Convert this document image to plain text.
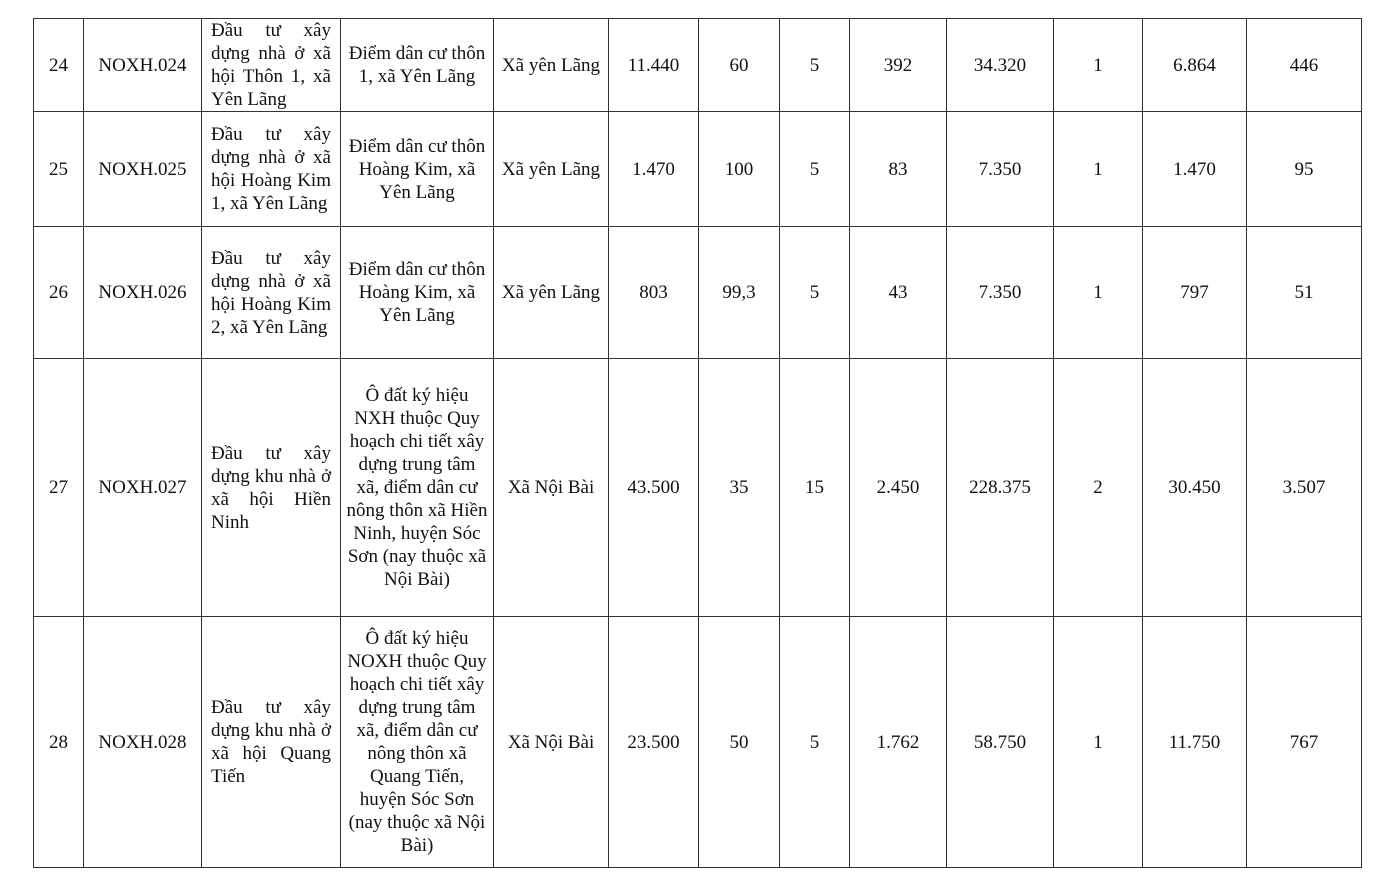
24	NOXH.024	Đầu tư xây dựng nhà ở xã hội Thôn 1, xã Yên Lãng	Điểm dân cư thôn 1, xã Yên Lãng	Xã yên Lãng	11.440	60	5	392	34.320	1	6.864	446
25	NOXH.025	Đầu tư xây dựng nhà ở xã hội Hoàng Kim 1, xã Yên Lãng	Điểm dân cư thôn Hoàng Kim, xã Yên Lãng	Xã yên Lãng	1.470	100	5	83	7.350	1	1.470	95
26	NOXH.026	Đầu tư xây dựng nhà ở xã hội Hoàng Kim 2, xã Yên Lãng	Điểm dân cư thôn Hoàng Kim, xã Yên Lãng	Xã yên Lãng	803	99,3	5	43	7.350	1	797	51
27	NOXH.027	Đầu tư xây dựng khu nhà ở xã hội Hiền Ninh	Ô đất ký hiệu NXH thuộc Quy hoạch chi tiết xây dựng trung tâm xã, điểm dân cư nông thôn xã Hiền Ninh, huyện Sóc Sơn (nay thuộc xã Nội Bài)	Xã Nội Bài	43.500	35	15	2.450	228.375	2	30.450	3.507
28	NOXH.028	Đầu tư xây dựng khu nhà ở xã hội Quang Tiến	Ô đất ký hiệu NOXH thuộc Quy hoạch chi tiết xây dựng trung tâm xã, điểm dân cư nông thôn xã Quang Tiến, huyện Sóc Sơn (nay thuộc xã Nội Bài)	Xã Nội Bài	23.500	50	5	1.762	58.750	1	11.750	767
